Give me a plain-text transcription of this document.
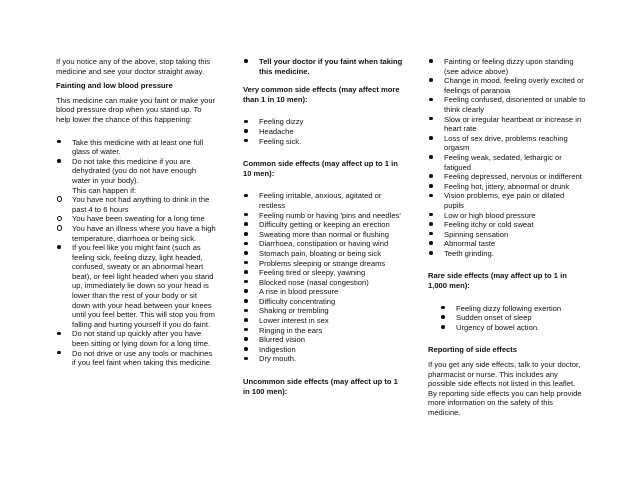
If you notice any of the above, stop taking this medicine and see your doctor straight away.

Fainting and low blood pressure

This medicine can make you faint or make your blood pressure drop when you stand up. To help lower the chance of this happening:

Take this medicine with at least one full glass of water.
Do not take this medicine if you are dehydrated (you do not have enough water in your body).
This can happen if:
You have not had anything to drink in the past 4 to 6 hours
You have been sweating for a long time
You have an illness where you have a high temperature, diarrhoea or being sick.
If you feel like you might faint (such as feeling sick, feeling dizzy, light headed, confused, sweaty or an abnormal heart beat), or feel light headed when you stand up, immediately lie down so your head is lower than the rest of your body or sit down with your head between your knees until you feel better. This will stop you from falling and hurting yourself if you do faint.
Do not stand up quickly after you have been sitting or lying down for a long time.
Do not drive or use any tools or machines if you feel faint when taking this medicine.
Tell your doctor if you faint when taking this medicine.

Very common side effects (may affect more than 1 in 10 men):

Feeling dizzy
Headache
Feeling sick.

Common side effects (may affect up to 1 in 10 men):

Feeling irritable, anxious, agitated or restless
Feeling numb or having 'pins and needles'
Difficulty getting or keeping an erection
Sweating more than normal or flushing
Diarrhoea, constipation or having wind
Stomach pain, bloating or being sick
Problems sleeping or strange dreams
Feeling tired or sleepy, yawning
Blocked nose (nasal congestion)
A rise in blood pressure
Difficulty concentrating
Shaking or trembling
Lower interest in sex
Ringing in the ears
Blurred vision
Indigestion
Dry mouth.

Uncommon side effects (may affect up to 1 in 100 men):

Fainting or feeling dizzy upon standing (see advice above)
Change in mood, feeling overly excited or feelings of paranoia
Feeling confused, disoriented or unable to think clearly
Slow or irregular heartbeat or increase in heart rate
Loss of sex drive, problems reaching orgasm
Feeling weak, sedated, lethargic or fatigued
Feeling depressed, nervous or indifferent
Feeling hot, jittery, abnormal or drunk
Vision problems, eye pain or dilated pupils
Low or high blood pressure
Feeling itchy or cold sweat
Spinning sensation
Abnormal taste
Teeth grinding.

Rare side effects (may affect up to 1 in 1,000 men):

Feeling dizzy following exertion
Sudden onset of sleep
Urgency of bowel action.

Reporting of side effects

If you get any side effects, talk to your doctor, pharmacist or nurse. This includes any possible side effects not listed in this leaflet. By reporting side effects you can help provide more information on the safety of this medicine.
